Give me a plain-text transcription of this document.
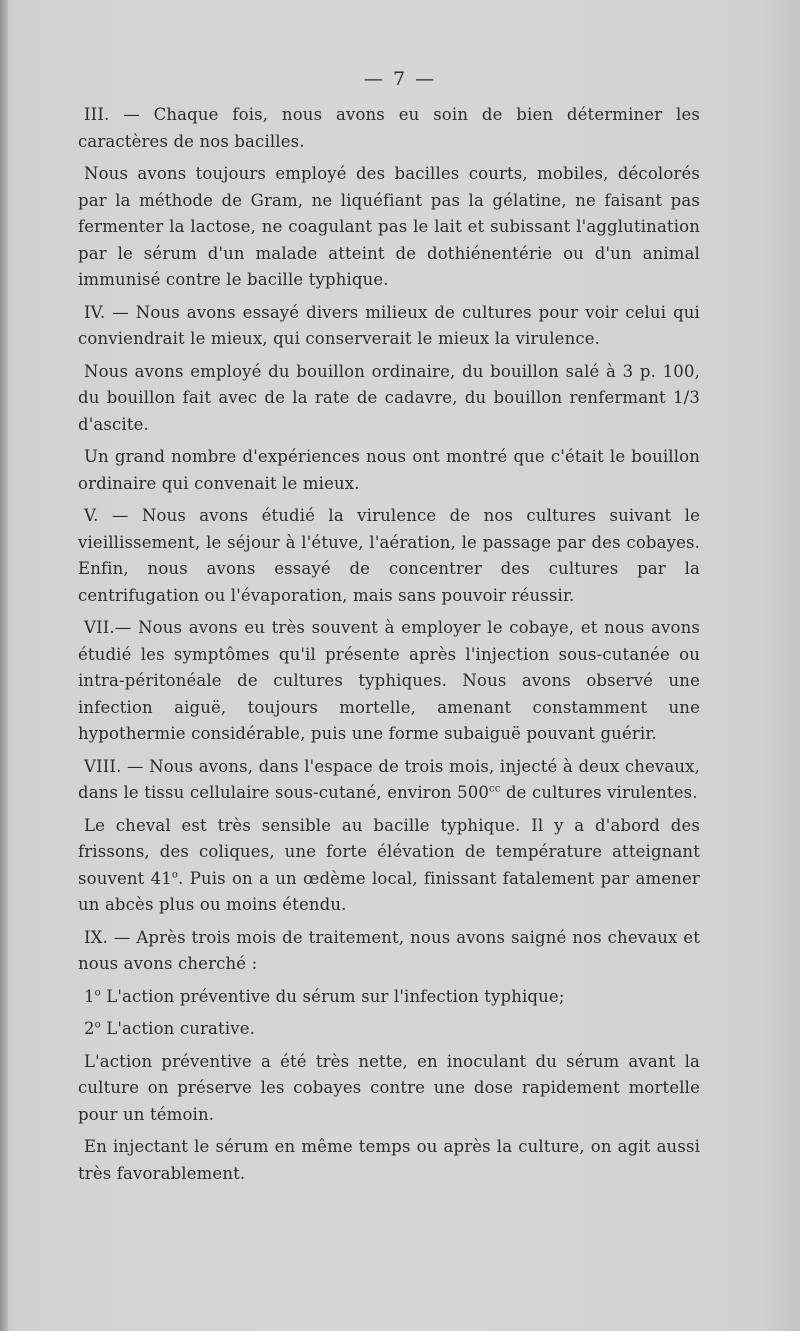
— 7 —

III. — Chaque fois, nous avons eu soin de bien déterminer les caractères de nos bacilles.

Nous avons toujours employé des bacilles courts, mobiles, décolorés par la méthode de Gram, ne liquéfiant pas la gélatine, ne faisant pas fermenter la lactose, ne coagulant pas le lait et subissant l'agglutination par le sérum d'un malade atteint de dothiénentérie ou d'un animal immunisé contre le bacille typhique.

IV. — Nous avons essayé divers milieux de cultures pour voir celui qui conviendrait le mieux, qui conserverait le mieux la virulence.

Nous avons employé du bouillon ordinaire, du bouillon salé à 3 p. 100, du bouillon fait avec de la rate de cadavre, du bouillon renfermant 1/3 d'ascite.

Un grand nombre d'expériences nous ont montré que c'était le bouillon ordinaire qui convenait le mieux.

V. — Nous avons étudié la virulence de nos cultures suivant le vieillissement, le séjour à l'étuve, l'aération, le passage par des cobayes. Enfin, nous avons essayé de concentrer des cultures par la centrifugation ou l'évaporation, mais sans pouvoir réussir.

VII.— Nous avons eu très souvent à employer le cobaye, et nous avons étudié les symptômes qu'il présente après l'injection sous-cutanée ou intra-péritonéale de cultures typhiques. Nous avons observé une infection aiguë, toujours mortelle, amenant constamment une hypothermie considérable, puis une forme subaiguë pouvant guérir.

VIII. — Nous avons, dans l'espace de trois mois, injecté à deux chevaux, dans le tissu cellulaire sous-cutané, environ $500^{cc}$ de cultures virulentes.

Le cheval est très sensible au bacille typhique. Il y a d'abord des frissons, des coliques, une forte élévation de température atteignant souvent 41$^o$. Puis on a un œdème local, finissant fatalement par amener un abcès plus ou moins étendu.

IX. — Après trois mois de traitement, nous avons saigné nos chevaux et nous avons cherché :

1$^o$ L'action préventive du sérum sur l'infection typhique;

2$^o$ L'action curative.

L'action préventive a été très nette, en inoculant du sérum avant la culture on préserve les cobayes contre une dose rapidement mortelle pour un témoin.

En injectant le sérum en même temps ou après la culture, on agit aussi très favorablement.
